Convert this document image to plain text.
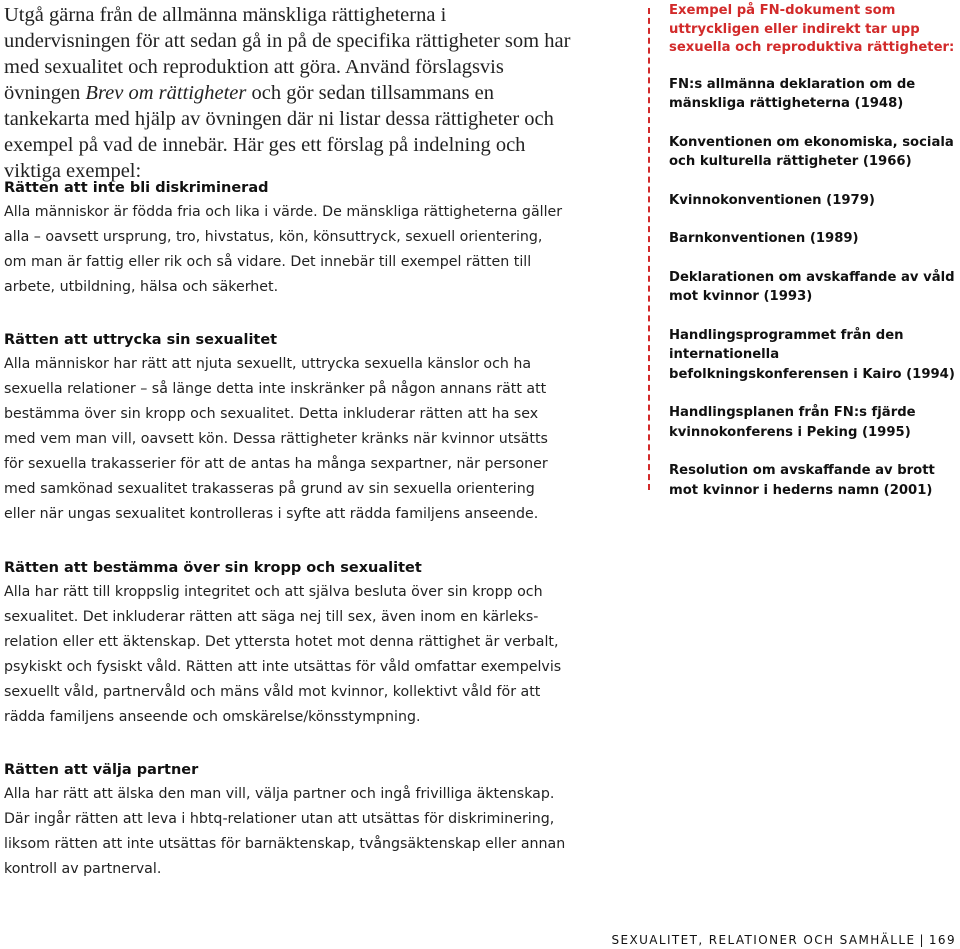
Utgå gärna från de allmänna mänskliga rättigheterna i undervisningen för att sedan gå in på de specifika rättigheter som har med sexualitet och reproduktion att göra. Använd förslagsvis övningen Brev om rättigheter och gör sedan tillsammans en tankekarta med hjälp av övningen där ni listar dessa rättigheter och exempel på vad de innebär. Här ges ett förslag på indelning och viktiga exempel:

Rätten att inte bli diskriminerad

Alla människor är födda fria och lika i värde. De mänskliga rättigheterna gäller alla – oavsett ursprung, tro, hivstatus, kön, könsuttryck, sexuell orientering, om man är fattig eller rik och så vidare. Det innebär till exempel rätten till arbete, utbildning, hälsa och säkerhet.

Rätten att uttrycka sin sexualitet

Alla människor har rätt att njuta sexuellt, uttrycka sexuella känslor och ha sexuella relationer – så länge detta inte inskränker på någon annans rätt att bestämma över sin kropp och sexualitet. Detta inkluderar rätten att ha sex med vem man vill, oavsett kön. Dessa rättigheter kränks när kvinnor utsätts för sexuella trakasserier för att de antas ha många sexpartner, när personer med samkönad sexualitet trakasseras på grund av sin sexuella orientering eller när ungas sexualitet kontrolleras i syfte att rädda familjens anseende.

Rätten att bestämma över sin kropp och sexualitet

Alla har rätt till kroppslig integritet och att själva besluta över sin kropp och sexualitet. Det inkluderar rätten att säga nej till sex, även inom en kärleks-relation eller ett äktenskap. Det yttersta hotet mot denna rättighet är verbalt, psykiskt och fysiskt våld. Rätten att inte utsättas för våld omfattar exempelvis sexuellt våld, partnervåld och mäns våld mot kvinnor, kollektivt våld för att rädda familjens anseende och omskärelse/könsstympning.

Rätten att välja partner

Alla har rätt att älska den man vill, välja partner och ingå frivilliga äktenskap. Där ingår rätten att leva i hbtq-relationer utan att utsättas för diskriminering, liksom rätten att inte utsättas för barnäktenskap, tvångsäktenskap eller annan kontroll av partnerval.

Exempel på FN-dokument som uttryckligen eller indirekt tar upp sexuella och reproduktiva rättigheter:
FN:s allmänna deklaration om de mänskliga rättigheterna (1948)
Konventionen om ekonomiska, sociala och kulturella rättigheter (1966)
Kvinnokonventionen (1979)
Barnkonventionen (1989)
Deklarationen om avskaffande av våld mot kvinnor (1993)
Handlingsprogrammet från den internationella befolkningskonferensen i Kairo (1994)
Handlingsplanen från FN:s fjärde kvinnokonferens i Peking (1995)
Resolution om avskaffande av brott mot kvinnor i hederns namn (2001)
SEXUALITET, RELATIONER OCH SAMHÄLLE | 169
